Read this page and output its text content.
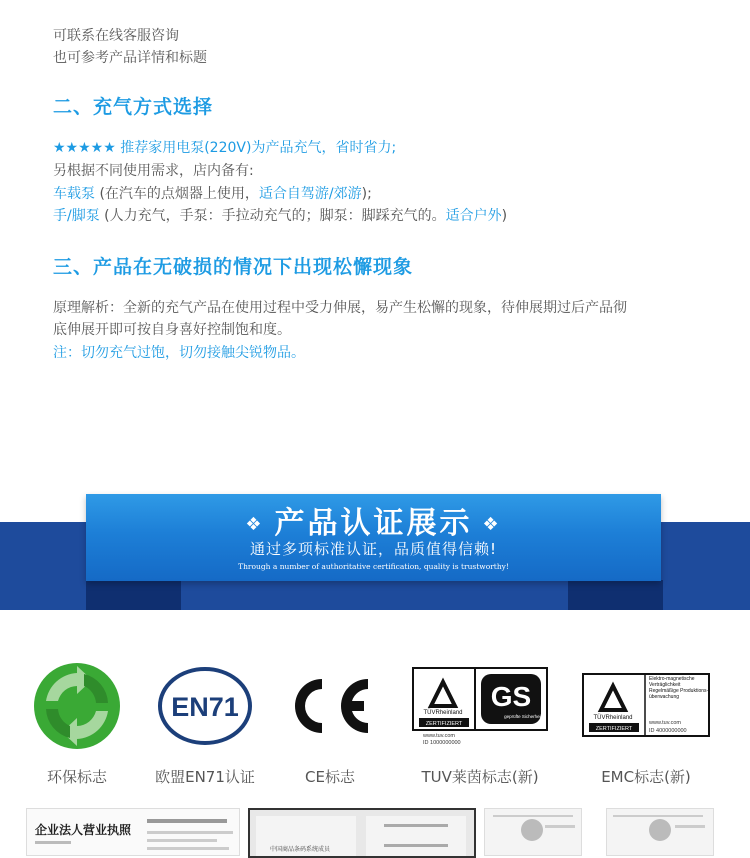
可联系在线客服咨询
也可参考产品详情和标题
二、充气方式选择
★★★★★ 推荐家用电泵(220V)为产品充气，省时省力;
另根据不同使用需求，店内备有:
车载泵 (在汽车的点烟器上使用，适合自驾游/郊游);
手/脚泵 (人力充气，手泵：手拉动充气的；脚泵：脚踩充气的。适合户外)
三、产品在无破损的情况下出现松懈现象
原理解析：全新的充气产品在使用过程中受力伸展，易产生松懈的现象，待伸展期过后产品彻
底伸展开即可按自身喜好控制饱和度。
注：切勿充气过饱，切勿接触尖锐物品。
❖ 产品认证展示 ❖
通过多项标准认证，品质值得信赖!
Through a number of authoritative certification, quality is trustworthy!
EN71	TÜVRheinland
ZERTIFIZIERT
GS
geprüfte Sicherheit
www.tuv.com
ID 1000000000
TÜVRheinland
ZERTIFIZIERT
Elektro-magnetische Verträglichkeit Regelmäßige Produktions-überwachung
www.tuv.com
ID 4000000000
环保标志	欧盟EN71认证	CE标志	TUV莱茵标志(新)	EMC标志(新)
企业法人营业执照
中国商品条码系统成员
